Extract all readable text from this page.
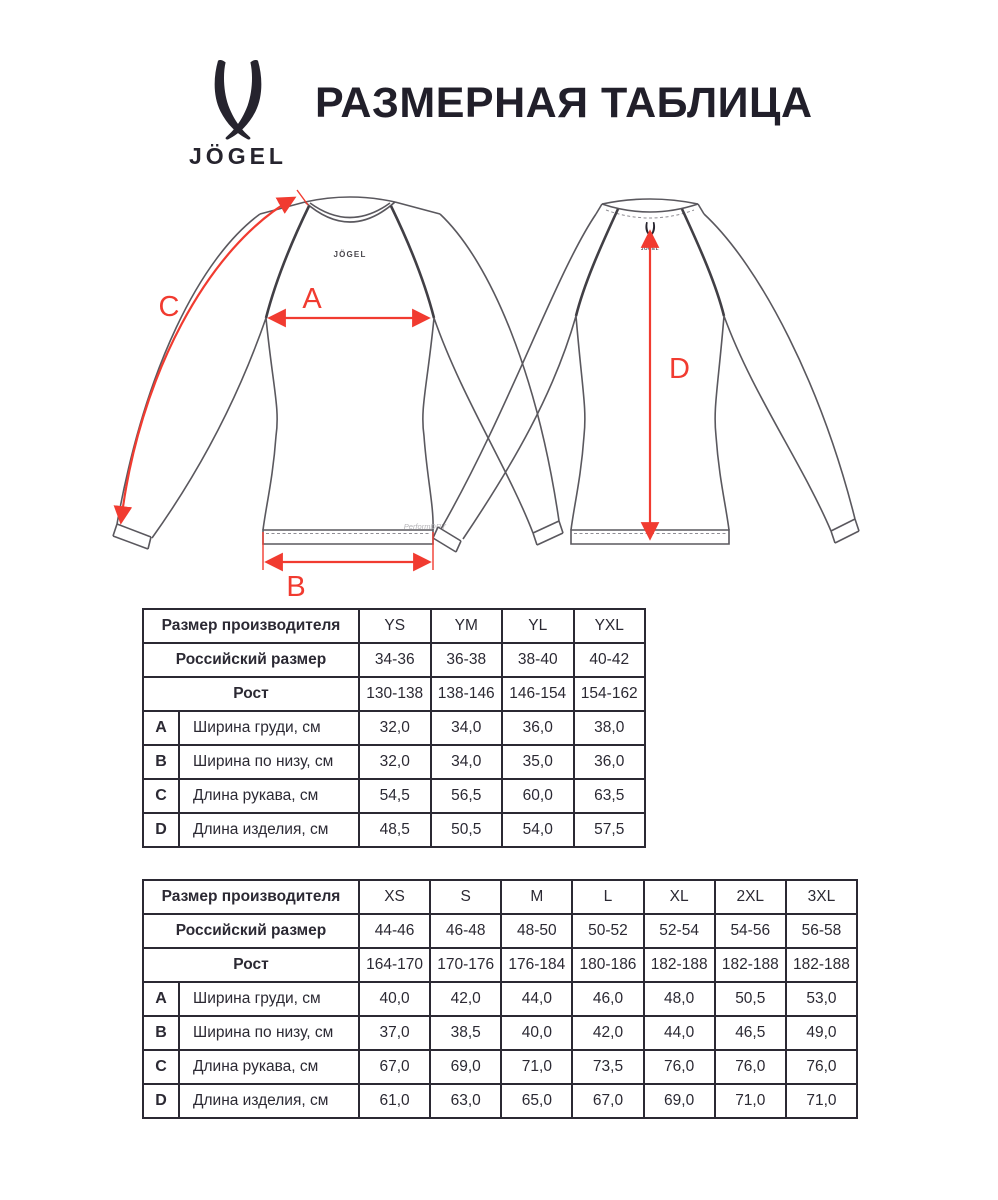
JÖGEL
РАЗМЕРНАЯ ТАБЛИЦА
JÖGEL
PerformDRY
JÖGEL
A
B
C
D
Размер производителя		YS	YM	YL	YXL
Российский размер		34-36	36-38	38-40	40-42
Рост		130-138	138-146	146-154	154-162
A	Ширина груди, см	32,0	34,0	36,0	38,0
B	Ширина по низу, см	32,0	34,0	35,0	36,0
C	Длина рукава, см	54,5	56,5	60,0	63,5
D	Длина изделия, см	48,5	50,5	54,0	57,5
Размер производителя		XS	S	M	L	XL	2XL	3XL
Российский размер		44-46	46-48	48-50	50-52	52-54	54-56	56-58
Рост		164-170	170-176	176-184	180-186	182-188	182-188	182-188
A	Ширина груди, см	40,0	42,0	44,0	46,0	48,0	50,5	53,0
B	Ширина по низу, см	37,0	38,5	40,0	42,0	44,0	46,5	49,0
C	Длина рукава, см	67,0	69,0	71,0	73,5	76,0	76,0	76,0
D	Длина изделия, см	61,0	63,0	65,0	67,0	69,0	71,0	71,0
